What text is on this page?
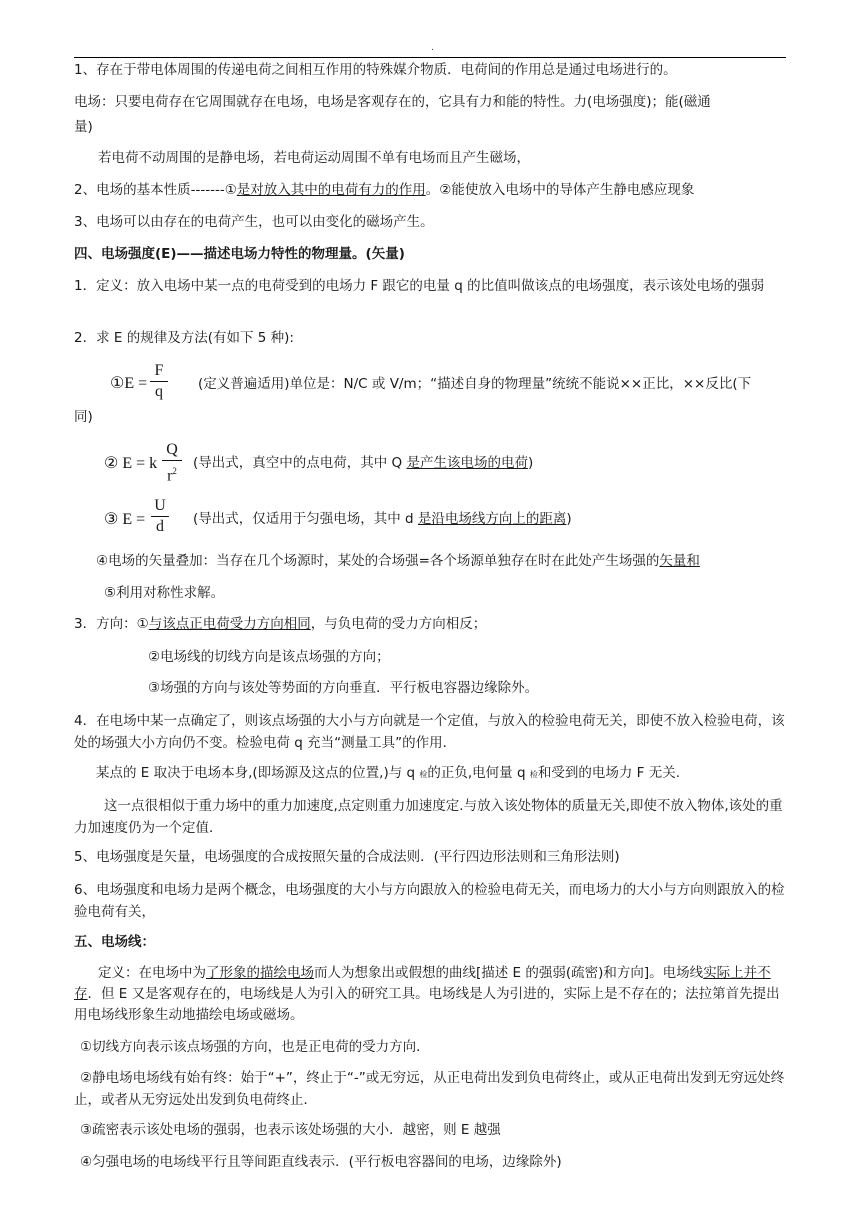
.
1、存在于带电体周围的传递电荷之间相互作用的特殊媒介物质．电荷间的作用总是通过电场进行的。
电场：只要电荷存在它周围就存在电场，电场是客观存在的，它具有力和能的特性。力(电场强度)；能(磁通
量)
若电荷不动周围的是静电场，若电荷运动周围不单有电场而且产生磁场，
2、电场的基本性质-------①是对放入其中的电荷有力的作用。②能使放入电场中的导体产生静电感应现象
3、电场可以由存在的电荷产生，也可以由变化的磁场产生。
四、电场强度(E)——描述电场力特性的物理量。(矢量)
1．定义：放入电场中某一点的电荷受到的电场力 F 跟它的电量 q 的比值叫做该点的电场强度，表示该处电场的强弱
2．求 E 的规律及方法(有如下 5 种):
①E =
F
q	(定义普遍适用)单位是：N/C 或 V/m；“描述自身的物理量”统统不能说××正比，××反比(下
同)
② E = k
Q
$r^2$	(导出式，真空中的点电荷，其中 Q 是产生该电场的电荷)
③ E =
U
d	(导出式，仅适用于匀强电场，其中 d 是沿电场线方向上的距离)
④电场的矢量叠加：当存在几个场源时，某处的合场强=各个场源单独存在时在此处产生场强的矢量和
⑤利用对称性求解。
3．方向：①与该点正电荷受力方向相同，与负电荷的受力方向相反；
②电场线的切线方向是该点场强的方向；
③场强的方向与该处等势面的方向垂直．平行板电容器边缘除外。
4．在电场中某一点确定了，则该点场强的大小与方向就是一个定值，与放入的检验电荷无关，即使不放入检验电荷，该处的场强大小方向仍不变。检验电荷 q 充当“测量工具”的作用．
某点的 E 取决于电场本身,(即场源及这点的位置,)与 q 检的正负,电何量 q 检和受到的电场力 F 无关.
这一点很相似于重力场中的重力加速度,点定则重力加速度定.与放入该处物体的质量无关,即使不放入物体,该处的重力加速度仍为一个定值．
5、电场强度是矢量，电场强度的合成按照矢量的合成法则．(平行四边形法则和三角形法则)
6、电场强度和电场力是两个概念，电场强度的大小与方向跟放入的检验电荷无关，而电场力的大小与方向则跟放入的检验电荷有关，
五、电场线：
定义：在电场中为了形象的描绘电场而人为想象出或假想的曲线[描述 E 的强弱(疏密)和方向]。电场线实际上并不存．但 E 又是客观存在的，电场线是人为引入的研究工具。电场线是人为引进的，实际上是不存在的；法拉第首先提出用电场线形象生动地描绘电场或磁场。
①切线方向表示该点场强的方向，也是正电荷的受力方向．
②静电场电场线有始有终：始于“+”，终止于“-”或无穷远，从正电荷出发到负电荷终止，或从正电荷出发到无穷远处终止，或者从无穷远处出发到负电荷终止．
③疏密表示该处电场的强弱，也表示该处场强的大小．越密，则 E 越强
④匀强电场的电场线平行且等间距直线表示．(平行板电容器间的电场，边缘除外)
